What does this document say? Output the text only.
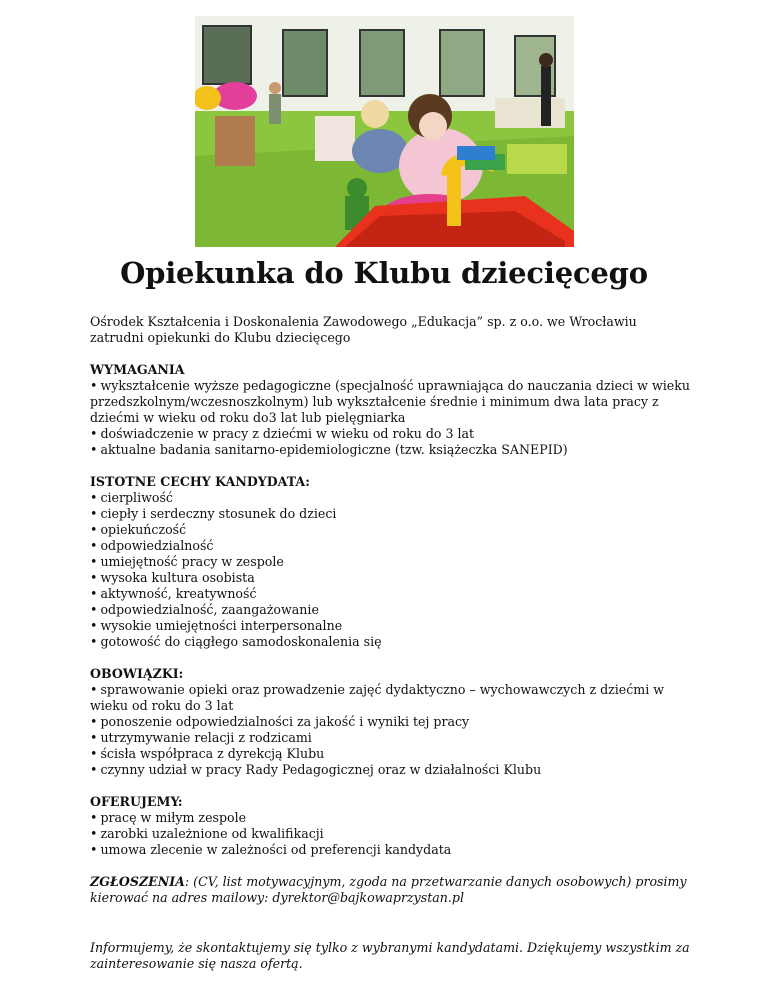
Opiekunka do Klubu dziecięcego

Ośrodek Kształcenia i Doskonalenia Zawodowego „Edukacja” sp. z o.o. we Wrocławiu zatrudni opiekunki do Klubu dziecięcego

WYMAGANIA
• wykształcenie wyższe pedagogiczne (specjalność uprawniająca do nauczania dzieci w wieku przedszkolnym/wczesnoszkolnym) lub wykształcenie średnie i minimum dwa lata pracy z dziećmi w wieku od roku do3 lat lub pielęgniarka
• doświadczenie w pracy z dziećmi w wieku od roku do 3 lat
• aktualne badania sanitarno-epidemiologiczne (tzw. książeczka SANEPID)
ISTOTNE CECHY KANDYDATA:
• cierpliwość
• ciepły i serdeczny stosunek do dzieci
• opiekuńczość
• odpowiedzialność
• umiejętność pracy w zespole
• wysoka kultura osobista
• aktywność, kreatywność
• odpowiedzialność, zaangażowanie
• wysokie umiejętności interpersonalne
• gotowość do ciągłego samodoskonalenia się
OBOWIĄZKI:
• sprawowanie opieki oraz prowadzenie zajęć dydaktyczno – wychowawczych z dziećmi w wieku od roku do 3 lat
• ponoszenie odpowiedzialności za jakość i wyniki tej pracy
• utrzymywanie relacji z rodzicami
• ścisła współpraca z dyrekcją Klubu
• czynny udział w pracy Rady Pedagogicznej oraz w działalności Klubu
OFERUJEMY:
• pracę w miłym zespole
• zarobki uzależnione od kwalifikacji
• umowa zlecenie w zależności od preferencji kandydata

ZGŁOSZENIA: (CV, list motywacyjnym, zgoda na przetwarzanie danych osobowych) prosimy kierować na adres mailowy: dyrektor@bajkowaprzystan.pl

Informujemy, że skontaktujemy się tylko z wybranymi kandydatami. Dziękujemy wszystkim za zainteresowanie się nasza ofertą.
